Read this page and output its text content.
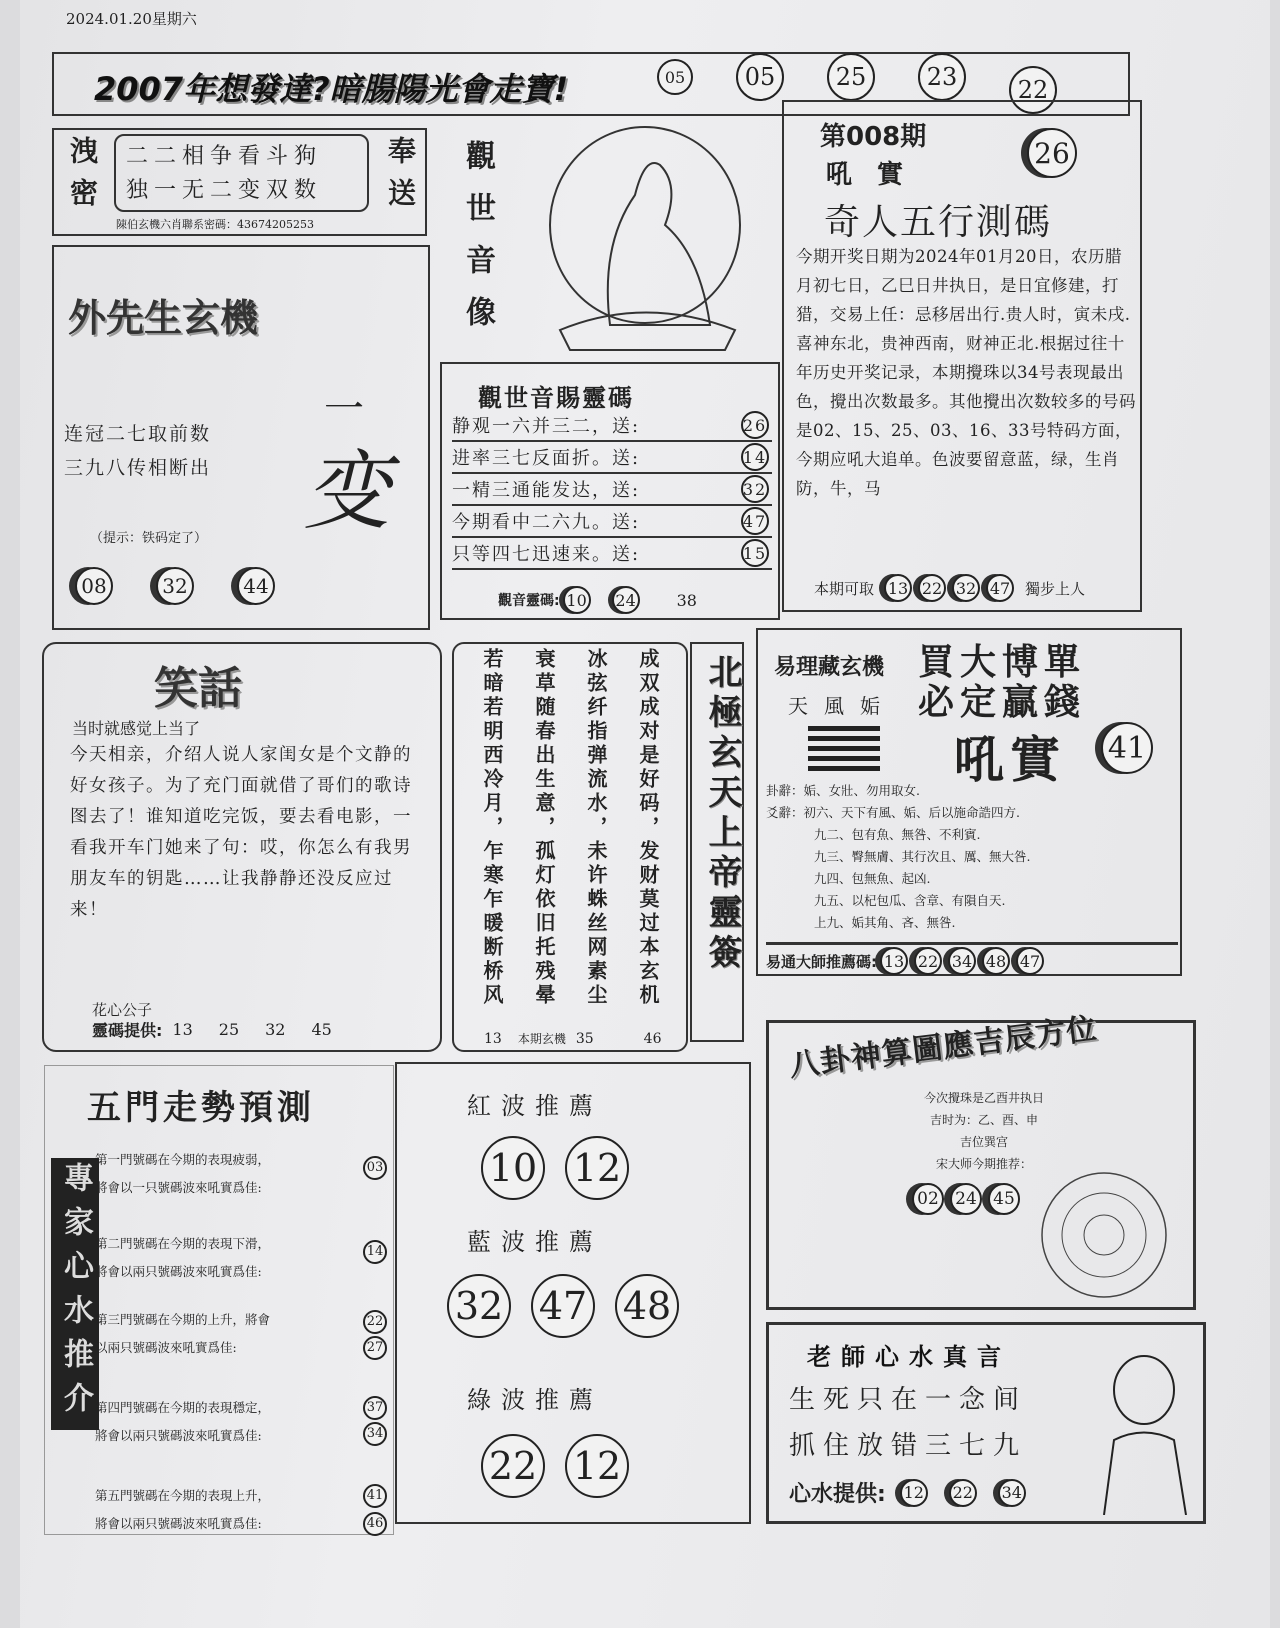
2024.01.20星期六
2007年想發達?暗腸陽光會走寶!	05	05	25	23	22
洩密 二二相争看斗狗
独一无二变双数
陳伯玄機六肖聯系密碼：43674205253
奉送 觀世音像
外先生玄機
连冠二七取前数
三九八传相断出
一
变
（提示：铁码定了）
08	32	44
觀世音賜靈碼
静观一六并三二，送:	26
进率三七反面折。送:	14
一精三通能发达，送:	32
今期看中二六九。送:	47
只等四七迅速来。送:	15
觀音靈碼: 10 24	38
第008期
吼 實
26
奇人五行測碼
今期开奖日期为2024年01月20日，农历腊月初七日，乙巳日井执日，是日宜修建，打猎，交易上任：忌移居出行.贵人时，寅未戌.喜神东北，贵神西南，财神正北.根据过往十年历史开奖记录，本期攪珠以34号表现最出色，攪出次数最多。其他攪出次数较多的号码是02、15、25、03、16、33号特码方面，今期应吼大追单。色波要留意蓝，绿，生肖防，牛，马
本期可取 13 22 32 47 獨步上人
笑話
当时就感觉上当了
今天相亲，介绍人说人家闺女是个文静的好女孩子。为了充门面就借了哥们的歌诗图去了！谁知道吃完饭，要去看电影，一看我开车门她来了句：哎，你怎么有我男朋友车的钥匙……让我静静还没反应过来！
花心公子
靈碼提供: 13 25 32 45
成双成对是好码，发财莫过本玄机
冰弦纤指弹流水，未许蛛丝网素尘
衰草随春出生意，孤灯依旧托残晕
若暗若明西冷月，乍寒乍暖断桥风
13 本期玄機 35	46
北極玄天上帝靈簽 易理藏玄機 買大博單
必定贏錢
天風姤
吼實 41
卦辭：姤、女壯、勿用取女.
爻辭：初六、天下有風、姤、后以施命誥四方.
九二、包有魚、無咎、不利賓.
九三、臀無膚、其行次且、厲、無大咎.
九四、包無魚、起凶.
九五、以杞包瓜、含章、有隕自天.
上九、姤其角、吝、無咎.
易通大師推薦碼: 13 22 34 48 47
八卦神算圖應吉辰方位
今次攪珠是乙酉井执日
吉时为：乙、酉、申
吉位巽宫
宋大师今期推荐：
02 24 45
老師心水真言
生死只在一念间
抓住放错三七九
心水提供: 12 22 34
五門走勢預測
專家心水推介
第一門號碼在今期的表現疲弱，
將會以一只號碼波來吼實爲佳:
03
第二門號碼在今期的表現下滑，
將會以兩只號碼波來吼實爲佳:
14
第三門號碼在今期的上升，將會
以兩只號碼波來吼實爲佳:
22
27
第四門號碼在今期的表現穩定，
將會以兩只號碼波來吼實爲佳:
37
34
第五門號碼在今期的表現上升，
將會以兩只號碼波來吼實爲佳:
41
46
紅波推薦
10 12
藍波推薦
32 47 48
綠波推薦
22 12
